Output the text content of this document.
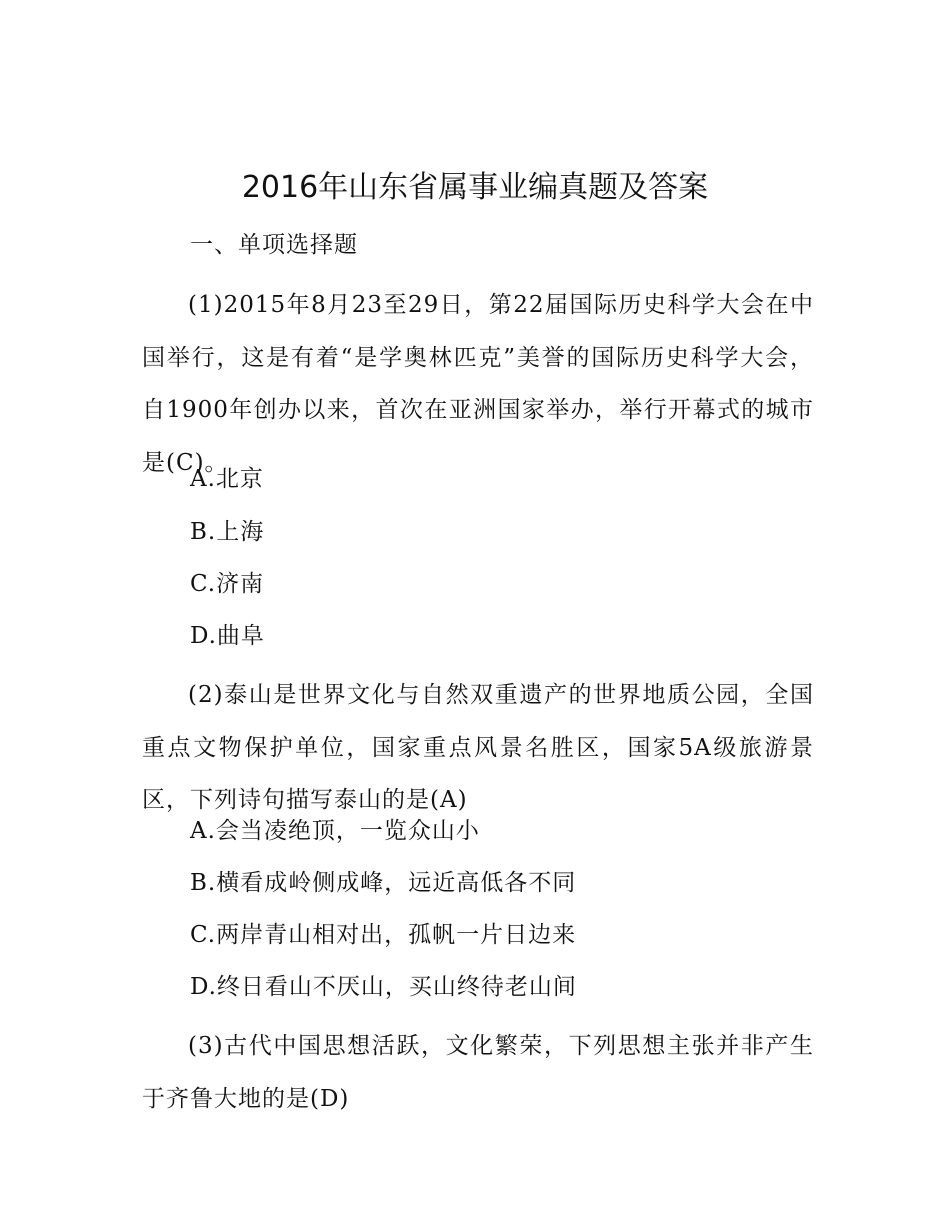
2016年山东省属事业编真题及答案
一、单项选择题

(1)2015年8月23至29日，第22届国际历史科学大会在中国举行，这是有着“是学奥林匹克”美誉的国际历史科学大会，自1900年创办以来，首次在亚洲国家举办，举行开幕式的城市是(C)。

A.北京
B.上海
C.济南
D.曲阜

(2)泰山是世界文化与自然双重遗产的世界地质公园，全国重点文物保护单位，国家重点风景名胜区，国家5A级旅游景区，下列诗句描写泰山的是(A)

A.会当凌绝顶，一览众山小
B.横看成岭侧成峰，远近高低各不同
C.两岸青山相对出，孤帆一片日边来
D.终日看山不厌山，买山终待老山间

(3)古代中国思想活跃，文化繁荣，下列思想主张并非产生于齐鲁大地的是(D)
